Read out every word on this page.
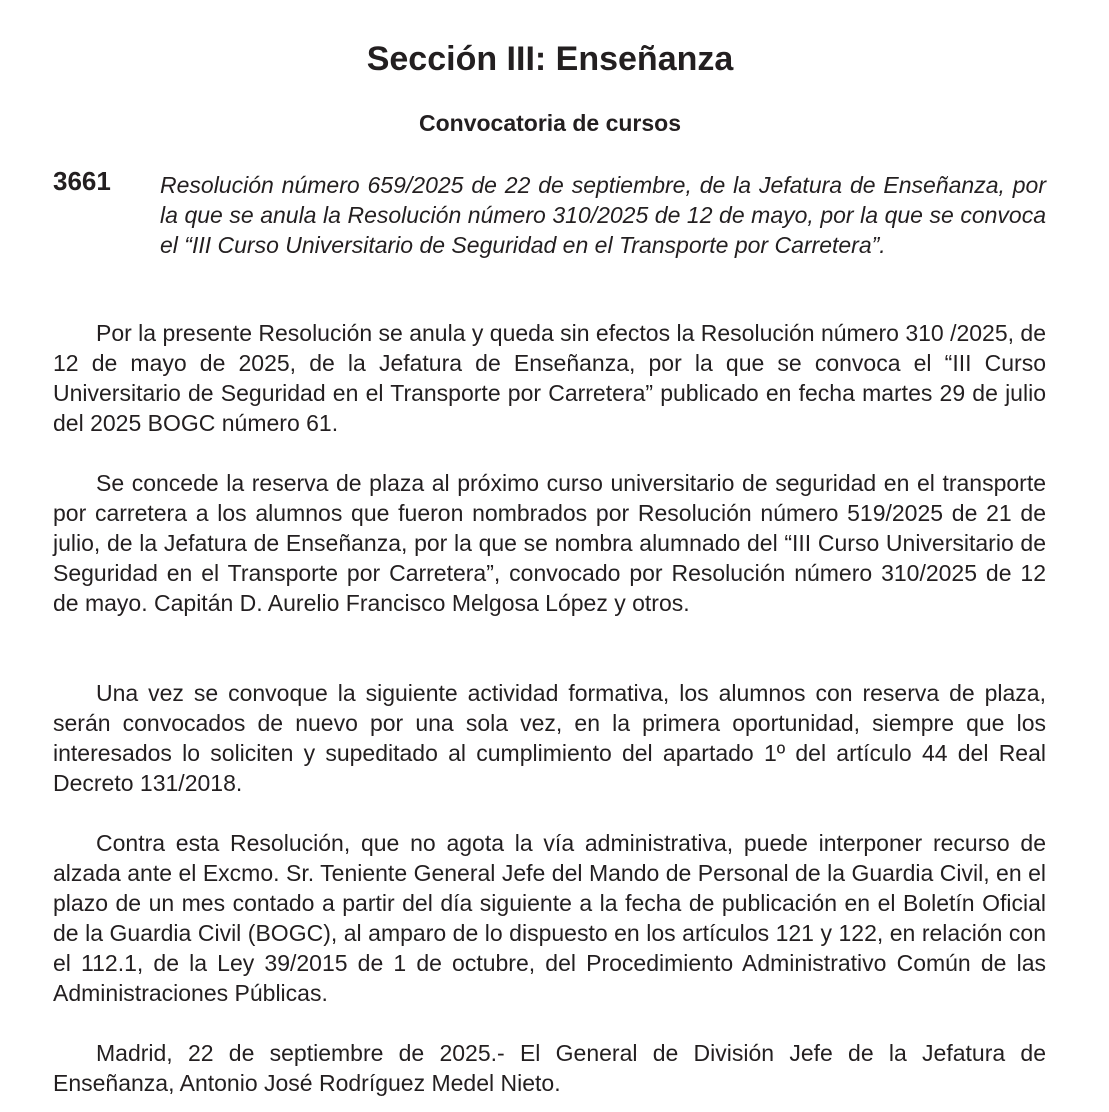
Sección III: Enseñanza
Convocatoria de cursos
3661 Resolución número 659/2025 de 22 de septiembre, de la Jefatura de Enseñanza, por la que se anula la Resolución número 310/2025 de 12 de mayo, por la que se convoca el “III Curso Universitario de Seguridad en el Transporte por Carretera”.

Por la presente Resolución se anula y queda sin efectos la Resolución número 310 /2025, de 12 de mayo de 2025, de la Jefatura de Enseñanza, por la que se convoca el “III Curso Universitario de Seguridad en el Transporte por Carretera” publicado en fecha martes 29 de julio del 2025 BOGC número 61.

Se concede la reserva de plaza al próximo curso universitario de seguridad en el transporte por carretera a los alumnos que fueron nombrados por Resolución número 519/2025 de 21 de julio, de la Jefatura de Enseñanza, por la que se nombra alumnado del “III Curso Universitario de Seguridad en el Transporte por Carretera”, convocado por Resolución número 310/2025 de 12 de mayo. Capitán D. Aurelio Francisco Melgosa López y otros.

Una vez se convoque la siguiente actividad formativa, los alumnos con reserva de plaza, serán convocados de nuevo por una sola vez, en la primera oportunidad, siempre que los interesados lo soliciten y supeditado al cumplimiento del apartado 1º del artículo 44 del Real Decreto 131/2018.

Contra esta Resolución, que no agota la vía administrativa, puede interponer recurso de alzada ante el Excmo. Sr. Teniente General Jefe del Mando de Personal de la Guardia Civil, en el plazo de un mes contado a partir del día siguiente a la fecha de publicación en el Boletín Oficial de la Guardia Civil (BOGC), al amparo de lo dispuesto en los artículos 121 y 122, en relación con el 112.1, de la Ley 39/2015 de 1 de octubre, del Procedimiento Administrativo Común de las Administraciones Públicas.

Madrid, 22 de septiembre de 2025.- El General de División Jefe de la Jefatura de Enseñanza, Antonio José Rodríguez Medel Nieto.
